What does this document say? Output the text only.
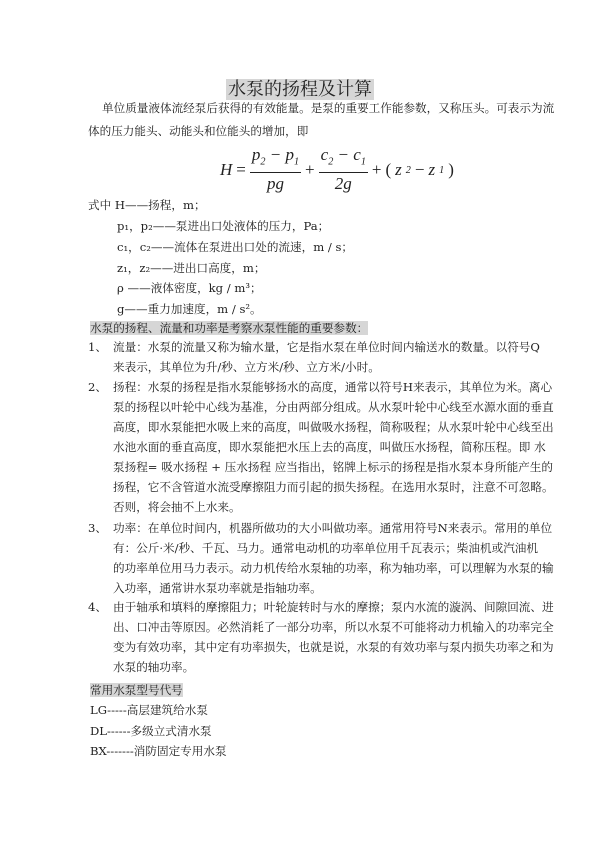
水泵的扬程及计算
单位质量液体流经泵后获得的有效能量。是泵的重要工作能参数，又称压头。可表示为流
体的压力能头、动能头和位能头的增加，即
$H = \frac{p_2 - p_1}{pg} + \frac{c_2 - c_1}{2g}$ + ( z 2 − z 1 )
式中 H——扬程，m；
p₁，p₂——泵进出口处液体的压力，Pa；
c₁，c₂——流体在泵进出口处的流速，m / s；
z₁，z₂——进出口高度，m；
ρ ——液体密度，kg / m³；
g——重力加速度，m / s²。
水泵的扬程、流量和功率是考察水泵性能的重要参数：
1、 流量：水泵的流量又称为输水量，它是指水泵在单位时间内输送水的数量。以符号Q
来表示，其单位为升/秒、立方米/秒、立方米/小时。
2、 扬程：水泵的扬程是指水泵能够扬水的高度，通常以符号H来表示，其单位为米。离心
泵的扬程以叶轮中心线为基准，分由两部分组成。从水泵叶轮中心线至水源水面的垂直
高度，即水泵能把水吸上来的高度，叫做吸水扬程，简称吸程；从水泵叶轮中心线至出
水池水面的垂直高度，即水泵能把水压上去的高度，叫做压水扬程，简称压程。即 水
泵扬程= 吸水扬程 + 压水扬程 应当指出，铭牌上标示的扬程是指水泵本身所能产生的
扬程，它不含管道水流受摩擦阻力而引起的损失扬程。在选用水泵时，注意不可忽略。
否则，将会抽不上水来。
3、 功率：在单位时间内，机器所做功的大小叫做功率。通常用符号N来表示。常用的单位
有：公斤·米/秒、千瓦、马力。通常电动机的功率单位用千瓦表示；柴油机或汽油机
的功率单位用马力表示。动力机传给水泵轴的功率，称为轴功率，可以理解为水泵的输
入功率，通常讲水泵功率就是指轴功率。
4、 由于轴承和填料的摩擦阻力；叶轮旋转时与水的摩擦；泵内水流的漩涡、间隙回流、进
出、口冲击等原因。必然消耗了一部分功率，所以水泵不可能将动力机输入的功率完全
变为有效功率，其中定有功率损失，也就是说，水泵的有效功率与泵内损失功率之和为
水泵的轴功率。
常用水泵型号代号
LG-----高层建筑给水泵
DL------多级立式清水泵
BX-------消防固定专用水泵
